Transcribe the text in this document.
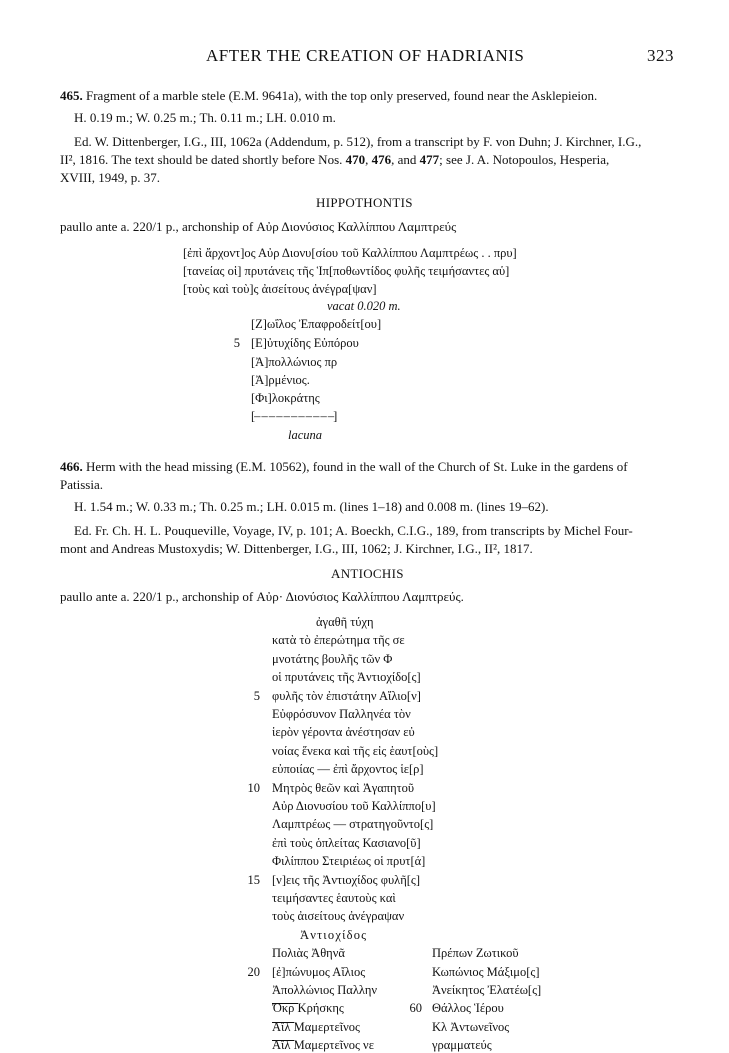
AFTER THE CREATION OF HADRIANIS	323
465. Fragment of a marble stele (E.M. 9641a), with the top only preserved, found near the Asklepieion.
H. 0.19 m.; W. 0.25 m.; Th. 0.11 m.; LH. 0.010 m.
Ed. W. Dittenberger, I.G., III, 1062a (Addendum, p. 512), from a transcript by F. von Duhn; J. Kirchner, I.G.,
II², 1816. The text should be dated shortly before Nos. 470, 476, and 477; see J. A. Notopoulos, Hesperia,
XVIII, 1949, p. 37.
HIPPOTHONTIS
paullo ante a. 220/1 p., archonship of Αὐρ Διονύσιος Καλλίππου Λαμπτρεύς
[ἐπὶ ἄρχοντ]ος Αὐρ Διονυ[σίου τοῦ Καλλίππου Λαμπτρέως . . πρυ]
[τανείας οἱ] πρυτάνεις τῆς Ἱπ[ποθωντίδος φυλῆς τειμήσαντες αὑ]
[τοὺς καὶ τοὺ]ς ἀισείτους ἀνέγρα[ψαν]
vacat 0.020 m.
[Ζ]ωΐλος Ἐπαφροδείτ[ου]
5 [Ε]ὐτυχίδης Εὐπόρου
[Ἀ]πολλώνιος πρ
[Ἀ]ρμένιος.
[Φι]λοκράτης
[– – – – – – – – – – –]
lacuna
466. Herm with the head missing (E.M. 10562), found in the wall of the Church of St. Luke in the gardens of
Patissia.
H. 1.54 m.; W. 0.33 m.; Th. 0.25 m.; LH. 0.015 m. (lines 1–18) and 0.008 m. (lines 19–62).
Ed. Fr. Ch. H. L. Pouqueville, Voyage, IV, p. 101; A. Boeckh, C.I.G., 189, from transcripts by Michel Four-
mont and Andreas Mustoxydis; W. Dittenberger, I.G., III, 1062; J. Kirchner, I.G., II², 1817.
ANTIOCHIS
paullo ante a. 220/1 p., archonship of Αὐρ· Διονύσιος Καλλίππου Λαμπτρεύς.
ἀγαθῆ τύχη
κατὰ τὸ ἐπερώτημα τῆς σε
μνοτάτης βουλῆς τῶν Φ
οἱ πρυτάνεις τῆς Ἀντιοχίδο[ς]
φυλῆς τὸν ἐπιστάτην Αἴλιο[ν]
Εὐφρόσυνον Παλληνέα τὸν
ἱερὸν γέροντα ἀνέστησαν εὐ
νοίας ἕνεκα καὶ τῆς εἰς ἑαυτ[οὺς]
εὐποιίας — ἐπὶ ἄρχοντος ἱε[ρ]
Μητρὸς θεῶν καὶ Ἀγαπητοῦ
Αὐρ Διονυσίου τοῦ Καλλίππο[υ]
Λαμπτρέως — στρατηγοῦντο[ς]
ἐπὶ τοὺς ὁπλείτας Κασιανο[ῦ]
Φιλίππου Στειριέως οἱ πρυτ[ά]
[ν]εις τῆς Ἀντιοχίδος φυλῆ[ς]
τειμήσαντες ἑαυτοὺς καὶ
τοὺς ἀισείτους ἀνέγραψαν
Ἀντιοχίδος
Πολιὰς Ἀθηνᾶ
[ἐ]πώνυμος Αἴλιος
Ἀπολλώνιος Παλλην
Ὀκρ Κρήσκης
Αἴλ Μαμερτεῖνος
Αἴλ Μαμερτεῖνος νε
Πρέπων Ζωτικοῦ
Κωπώνιος Μάξιμο[ς]
Ἀνείκητος Ἐλατέω[ς]
Θάλλος Ἱέρου
Κλ Ἀντωνεῖνος
γραμματεύς
5
10
15
20
60
